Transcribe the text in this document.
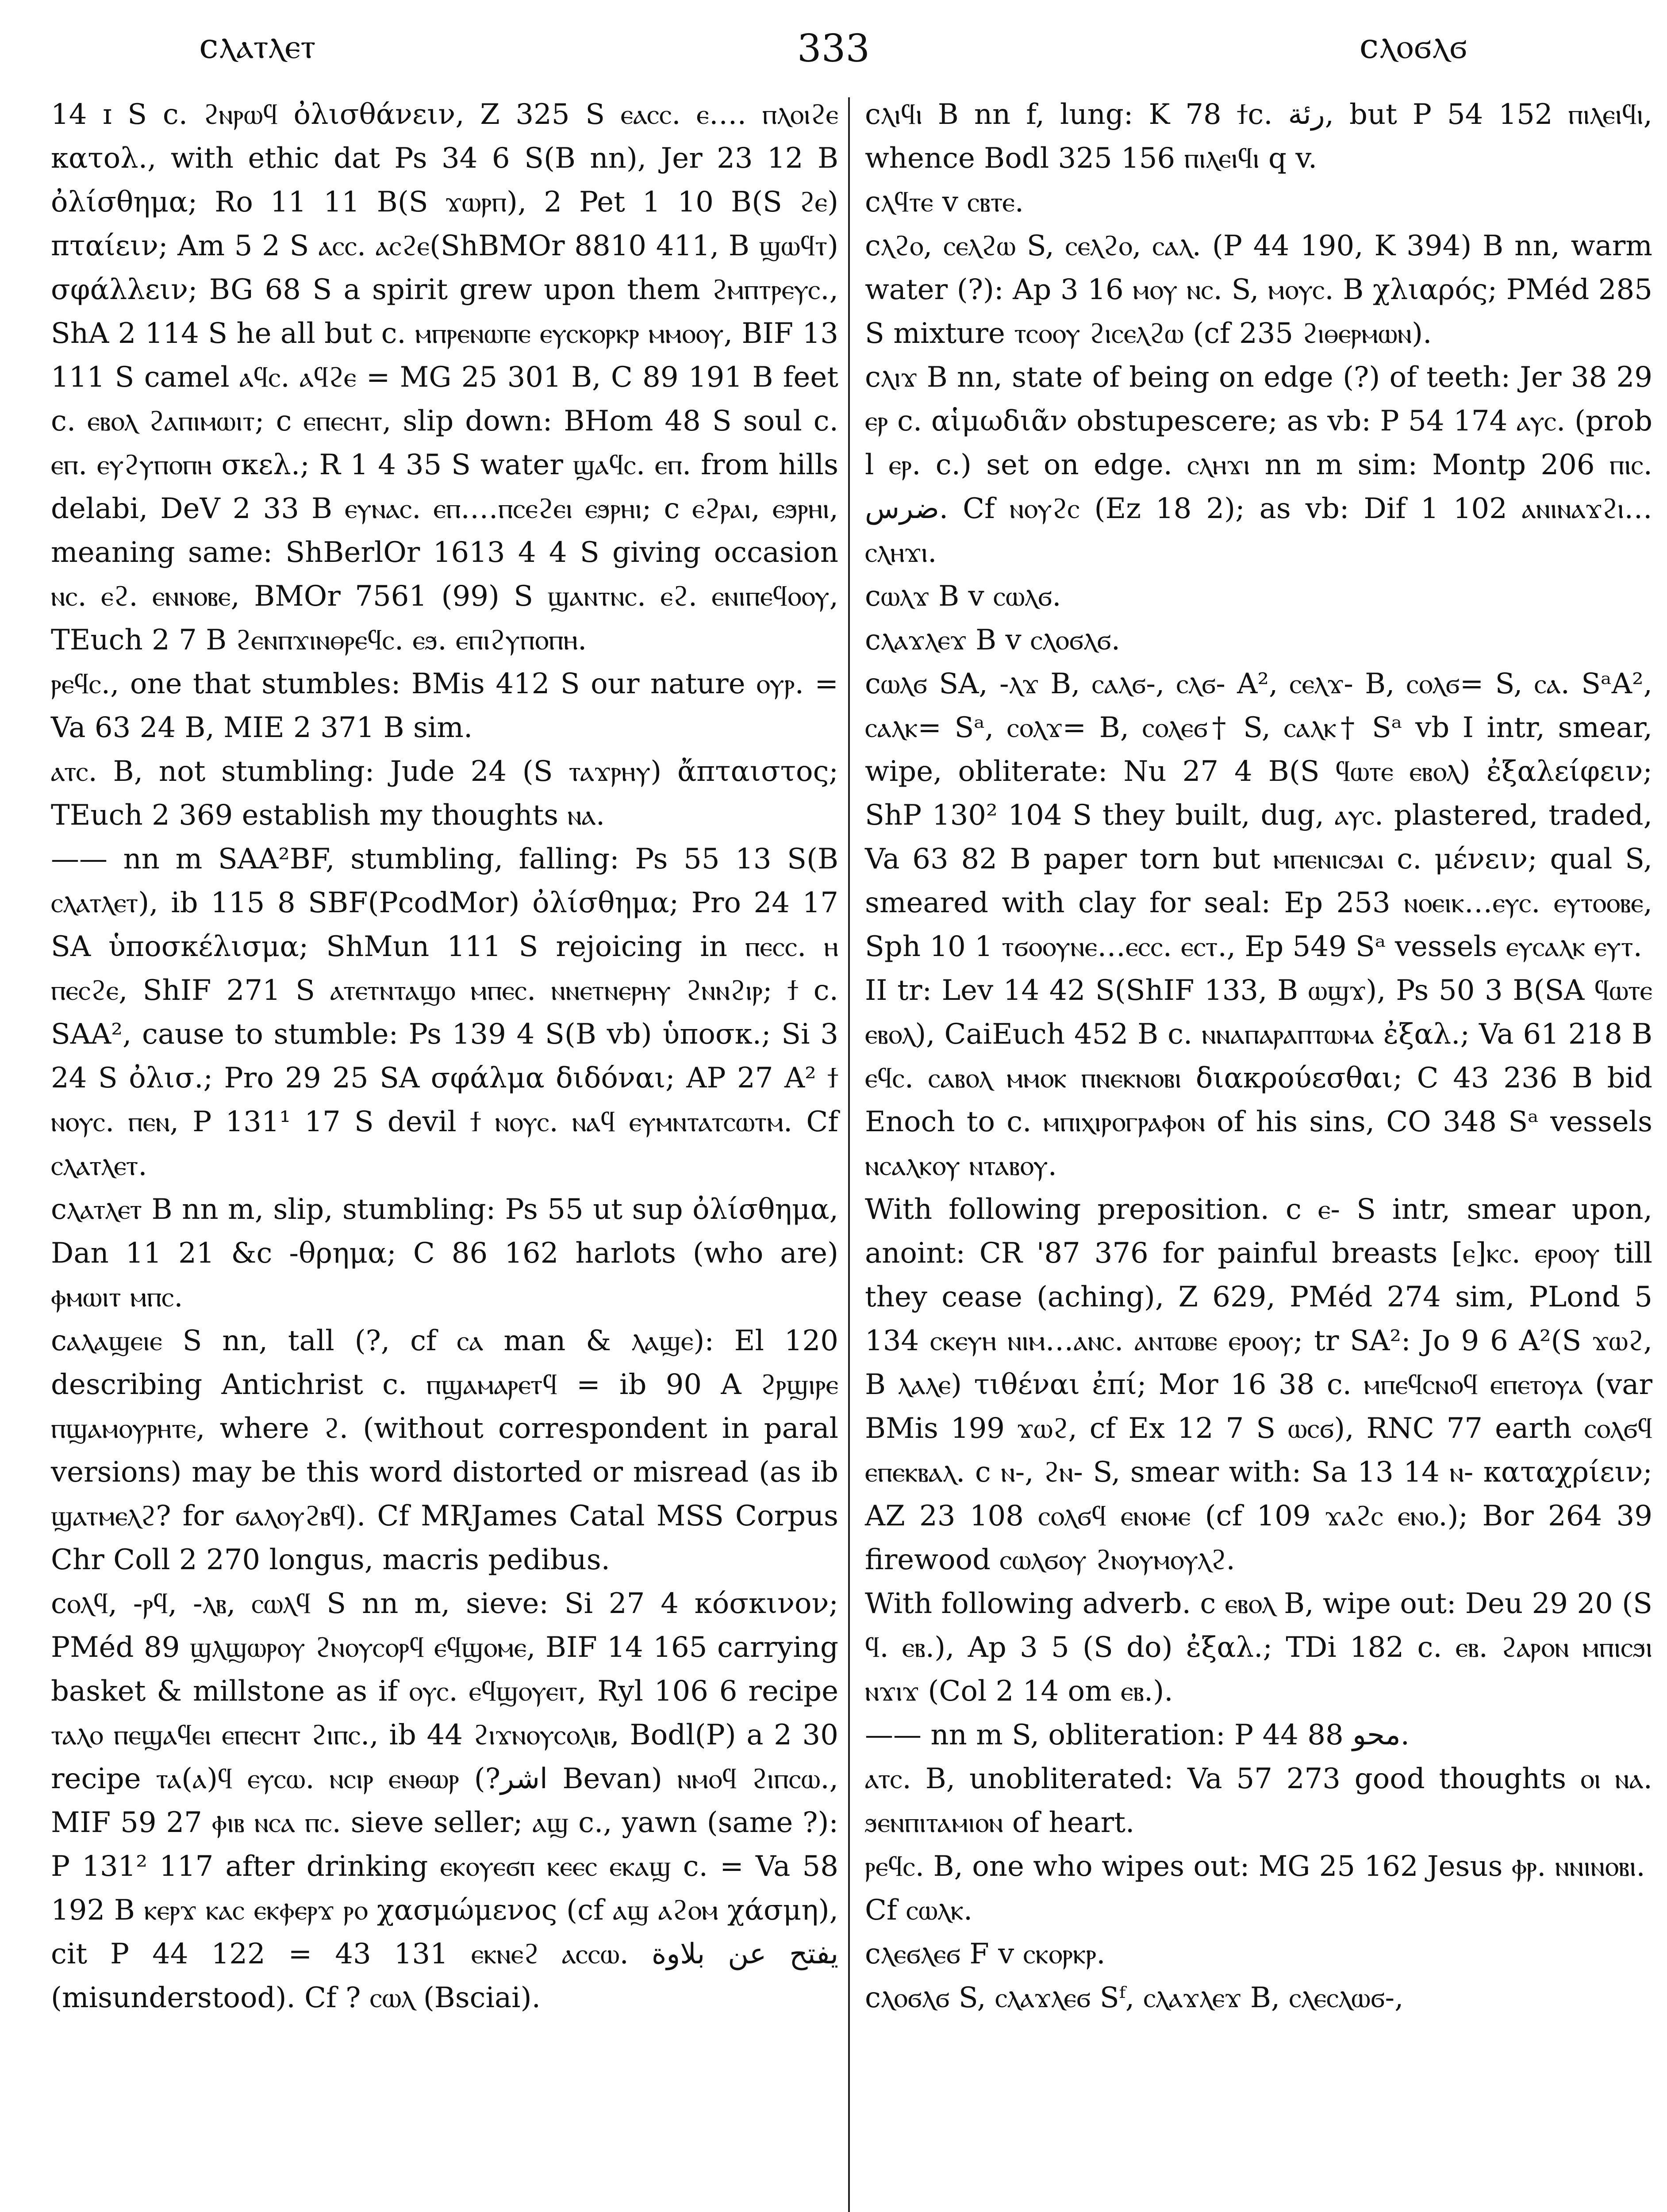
ϲⲗⲁⲧⲗⲉⲧ	333	ϲⲗⲟϭⲗϭ

14 ɪ S c. ϩⲛⲣⲱϥ ὀλισθάνειν, Z 325 S ⲉⲁⲥⲥ. ⲉ…. ⲡⲗⲟⲓϩⲉ κατολ., with ethic dat Ps 34 6 S(B nn), Jer 23 12 B ὀλίσθημα; Ro 11 11 B(S ϫⲱⲣⲡ), 2 Pet 1 10 B(S ϩⲉ) πταίειν; Am 5 2 S ⲁⲥⲥ. ⲁⲥϩⲉ(ShBMOr 8810 411, B ϣⲱϥⲧ) σφάλλειν; BG 68 S a spirit grew upon them ϩⲙⲡⲧⲣⲉⲩⲥ., ShA 2 114 S he all but c. ⲙⲡⲣⲉⲛⲱⲡⲉ ⲉⲩⲥⲕⲟⲣⲕⲣ ⲙⲙⲟⲟⲩ, BIF 13 111 S camel ⲁϥⲥ. ⲁϥϩⲉ = MG 25 301 B, C 89 191 B feet c. ⲉⲃⲟⲗ ϩⲁⲡⲓⲙⲱⲓⲧ; c ⲉⲡⲉⲥⲏⲧ, slip down: BHom 48 S soul c. ⲉⲡ. ⲉⲩϩⲩⲡⲟⲡⲏ σκελ.; R 1 4 35 S water ϣⲁϥⲥ. ⲉⲡ. from hills delabi, DeV 2 33 B ⲉⲩⲛⲁⲥ. ⲉⲡ.…ⲡⲥⲉϩⲉⲓ ⲉϧⲣⲏⲓ; c ⲉϩⲣⲁⲓ, ⲉϧⲣⲏⲓ, meaning same: ShBerlOr 1613 4 4 S giving occasion ⲛⲥ. ⲉϩ. ⲉⲛⲛⲟⲃⲉ, BMOr 7561 (99) S ϣⲁⲛⲧⲛⲥ. ⲉϩ. ⲉⲛⲓⲡⲉϥⲟⲟⲩ, TEuch 2 7 B ϩⲉⲛⲡϫⲓⲛⲑⲣⲉϥⲥ. ⲉϧ. ⲉⲡⲓϩⲩⲡⲟⲡⲏ.

ⲣⲉϥⲥ., one that stumbles: BMis 412 S our nature ⲟⲩⲣ. = Va 63 24 B, MIE 2 371 B sim.

ⲁⲧⲥ. B, not stumbling: Jude 24 (S ⲧⲁϫⲣⲏⲩ) ἄπταιστος; TEuch 2 369 establish my thoughts ⲛⲁ.

—— nn m SAA²BF, stumbling, falling: Ps 55 13 S(B ⲥⲗⲁⲧⲗⲉⲧ), ib 115 8 SBF(PcodMor) ὀλίσθημα; Pro 24 17 SA ὑποσκέλισμα; ShMun 111 S rejoicing in ⲡⲉⲥⲥ. ⲏ ⲡⲉⲥϩⲉ, ShIF 271 S ⲁⲧⲉⲧⲛⲧⲁϣⲟ ⲙⲡⲉⲥ. ⲛⲛⲉⲧⲛⲉⲣⲏⲩ ϩⲛⲛϩⲓⲣ; ϯ c. SAA², cause to stumble: Ps 139 4 S(B vb) ὑποσκ.; Si 3 24 S ὀλισ.; Pro 29 25 SA σφάλμα διδόναι; AP 27 A² ϯ ⲛⲟⲩⲥ. ⲡⲉⲛ, P 131¹ 17 S devil ϯ ⲛⲟⲩⲥ. ⲛⲁϥ ⲉⲩⲙⲛⲧⲁⲧⲥⲱⲧⲙ. Cf ⲥⲗⲁⲧⲗⲉⲧ.

ϲⲗⲁⲧⲗⲉⲧ B nn m, slip, stumbling: Ps 55 ut sup ὀλίσθημα, Dan 11 21 &c -θρημα; C 86 162 harlots (who are) ⲫⲙⲱⲓⲧ ⲙⲡⲥ.

ϲⲁⲗⲁϣⲉⲓⲉ S nn, tall (?, cf ⲥⲁ man & ⲗⲁϣⲉ): El 120 describing Antichrist c. ⲡϣⲁⲙⲁⲣⲉⲧϥ = ib 90 A ϩⲣϣⲓⲣⲉ ⲡϣⲁⲙⲟⲩⲣⲏⲧⲉ, where ϩ. (without correspondent in paral versions) may be this word distorted or misread (as ib ϣⲁⲧⲙⲉⲗϩ? for ϭⲁⲗⲟⲩϩⲃϥ). Cf MRJames Catal MSS Corpus Chr Coll 2 270 longus, macris pedibus.

ϲⲟⲗϥ, -ⲣϥ, -ⲗⲃ, ⲥⲱⲗϥ S nn m, sieve: Si 27 4 κόσκινον; PMéd 89 ϣⲗϣⲱⲣⲟⲩ ϩⲛⲟⲩⲥⲟⲣϥ ⲉϥϣⲟⲙⲉ, BIF 14 165 carrying basket & millstone as if ⲟⲩⲥ. ⲉϥϣⲟⲩⲉⲓⲧ, Ryl 106 6 recipe ⲧⲁⲗⲟ ⲡⲉϣⲁϥⲉⲓ ⲉⲡⲉⲥⲏⲧ ϩⲓⲡⲥ., ib 44 ϩⲓϫⲛⲟⲩⲥⲟⲗⲓⲃ, Bodl(P) a 2 30 recipe ⲧⲁ(ⲁ)ϥ ⲉⲩⲥⲱ. ⲛⲥⲓⲣ ⲉⲛⲑⲱⲣ (?اشر Bevan) ⲛⲙⲟϥ ϩⲓⲡⲥⲱ., MIF 59 27 ⲫⲓⲃ ⲛⲥⲁ ⲡⲥ. sieve seller; ⲁϣ c., yawn (same ?): P 131² 117 after drinking ⲉⲕⲟⲩⲉϭⲡ ⲕⲉⲉⲥ ⲉⲕⲁϣ c. = Va 58 192 B ⲕⲉⲣϫ ⲕⲁⲥ ⲉⲕⲫⲉⲣϫ ⲣⲟ χασμώμενος (cf ⲁϣ ⲁϩⲟⲙ χάσμη), cit P 44 122 = 43 131 ⲉⲕⲛⲉϩ ⲁⲥⲥⲱ. يفتح عن بلاوة (misunderstood). Cf ? ⲥⲱⲗ (Bsciai).

ϲⲗⲓϥⲓ B nn f, lung: K 78 ϯc. رئة, but P 54 152 ⲡⲓⲗⲉⲓϥⲓ, whence Bodl 325 156 ⲡⲓⲗⲉⲓϥⲓ q v.

ϲⲗϥⲧⲉ v ⲥⲃⲧⲉ.

ϲⲗϩⲟ, ⲥⲉⲗϩⲱ S, ⲥⲉⲗϩⲟ, ⲥⲁⲗ. (P 44 190, K 394) B nn, warm water (?): Ap 3 16 ⲙⲟⲩ ⲛⲥ. S, ⲙⲟⲩⲥ. B χλιαρός; PMéd 285 S mixture ⲧⲥⲟⲟⲩ ϩⲓⲥⲉⲗϩⲱ (cf 235 ϩⲓⲑⲉⲣⲙⲱⲛ).

ϲⲗⲓϫ B nn, state of being on edge (?) of teeth: Jer 38 29 ⲉⲣ c. αἱμωδιᾶν obstupescere; as vb: P 54 174 ⲁⲩⲥ. (prob l ⲉⲣ. c.) set on edge. ⲥⲗⲏϫⲓ nn m sim: Montp 206 ⲡⲓⲥ. ضرس. Cf ⲛⲟⲩϩⲥ (Ez 18 2); as vb: Dif 1 102 ⲁⲛⲓⲛⲁϫϩⲓ…ⲥⲗⲏϫⲓ.

ϲⲱⲗϫ B v ⲥⲱⲗϭ.

ϲⲗⲁϫⲗⲉϫ B v ⲥⲗⲟϭⲗϭ.

ϲⲱⲗϭ SA, -ⲗϫ B, ⲥⲁⲗϭ-, ⲥⲗϭ- A², ⲥⲉⲗϫ- B, ⲥⲟⲗϭ= S, ⲥⲁ. SᵃA², ⲥⲁⲗⲕ= Sᵃ, ⲥⲟⲗϫ= B, ⲥⲟⲗⲉϭ† S, ⲥⲁⲗⲕ† Sᵃ vb I intr, smear, wipe, obliterate: Nu 27 4 B(S ϥⲱⲧⲉ ⲉⲃⲟⲗ) ἐξαλείφειν; ShP 130² 104 S they built, dug, ⲁⲩⲥ. plastered, traded, Va 63 82 B paper torn but ⲙⲡⲉⲛⲓⲥϧⲁⲓ c. μένειν; qual S, smeared with clay for seal: Ep 253 ⲛⲟⲉⲓⲕ…ⲉⲩⲥ. ⲉⲩⲧⲟⲟⲃⲉ, Sph 10 1 ⲧϭⲟⲟⲩⲛⲉ…ⲉⲥⲥ. ⲉⲥⲧ., Ep 549 Sᵃ vessels ⲉⲩⲥⲁⲗⲕ ⲉⲩⲧ.

II tr: Lev 14 42 S(ShIF 133, B ⲱϣϫ), Ps 50 3 B(SA ϥⲱⲧⲉ ⲉⲃⲟⲗ), CaiEuch 452 B c. ⲛⲛⲁⲡⲁⲣⲁⲡⲧⲱⲙⲁ ἐξαλ.; Va 61 218 B ⲉϥⲥ. ⲥⲁⲃⲟⲗ ⲙⲙⲟⲕ ⲡⲛⲉⲕⲛⲟⲃⲓ διακρούεσθαι; C 43 236 B bid Enoch to c. ⲙⲡⲓⲭⲓⲣⲟⲅⲣⲁⲫⲟⲛ of his sins, CO 348 Sᵃ vessels ⲛⲥⲁⲗⲕⲟⲩ ⲛⲧⲁⲃⲟⲩ.

With following preposition. c ⲉ- S intr, smear upon, anoint: CR '87 376 for painful breasts [ⲉ]ⲕⲥ. ⲉⲣⲟⲟⲩ till they cease (aching), Z 629, PMéd 274 sim, PLond 5 134 ⲥⲕⲉⲩⲏ ⲛⲓⲙ…ⲁⲛⲥ. ⲁⲛⲧⲱⲃⲉ ⲉⲣⲟⲟⲩ; tr SA²: Jo 9 6 A²(S ϫⲱϩ, B ⲗⲁⲗⲉ) τιθέναι ἐπί; Mor 16 38 c. ⲙⲡⲉϥⲥⲛⲟϥ ⲉⲡⲉⲧⲟⲩⲁ (var BMis 199 ϫⲱϩ, cf Ex 12 7 S ⲱⲥϭ), RNC 77 earth ⲥⲟⲗϭϥ ⲉⲡⲉⲕⲃⲁⲗ. c ⲛ-, ϩⲛ- S, smear with: Sa 13 14 ⲛ- καταχρίειν; AZ 23 108 ⲥⲟⲗϭϥ ⲉⲛⲟⲙⲉ (cf 109 ϫⲁϩⲥ ⲉⲛⲟ.); Bor 264 39 firewood ⲥⲱⲗϭⲟⲩ ϩⲛⲟⲩⲙⲟⲩⲗϩ.

With following adverb. c ⲉⲃⲟⲗ B, wipe out: Deu 29 20 (S ϥ. ⲉⲃ.), Ap 3 5 (S do) ἐξαλ.; TDi 182 c. ⲉⲃ. ϩⲁⲣⲟⲛ ⲙⲡⲓⲥϧⲓ ⲛϫⲓϫ (Col 2 14 om ⲉⲃ.).

—— nn m S, obliteration: P 44 88 محو.

ⲁⲧⲥ. B, unobliterated: Va 57 273 good thoughts ⲟⲓ ⲛⲁ. ϧⲉⲛⲡⲓⲧⲁⲙⲓⲟⲛ of heart.

ⲣⲉϥⲥ. B, one who wipes out: MG 25 162 Jesus ⲫⲣ. ⲛⲛⲓⲛⲟⲃⲓ.

Cf ⲥⲱⲗⲕ.

ϲⲗⲉϭⲗⲉϭ F v ⲥⲕⲟⲣⲕⲣ.

ϲⲗⲟϭⲗϭ S, ⲥⲗⲁϫⲗⲉϭ Sᶠ, ⲥⲗⲁϫⲗⲉϫ B, ⲥⲗⲉⲥⲗⲱϭ-,
